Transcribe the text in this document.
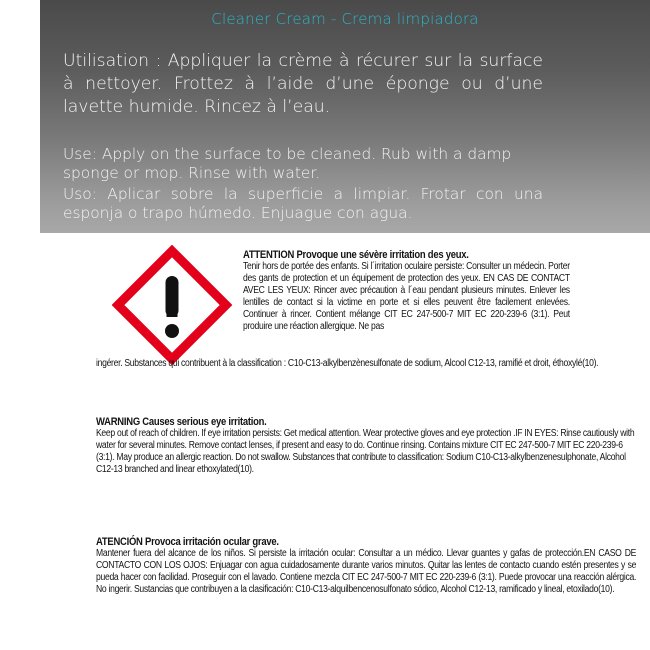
Cleaner Cream - Crema limpiadora
Utilisation : Appliquer la crème à récurer sur la surface à nettoyer. Frottez à l’aide d’une éponge ou d’une lavette humide. Rincez à l’eau.
Use: Apply on the surface to be cleaned. Rub with a damp sponge or mop. Rinse with water.
Uso: Aplicar sobre la superficie a limpiar. Frotar con una esponja o trapo húmedo. Enjuague con agua.
ATTENTION Provoque une sévère irritation des yeux.
Tenir hors de portée des enfants. Si l´irritation oculaire persiste: Consulter un médecin. Porter des gants de protection et un équipement de protection des yeux. EN CAS DE CONTACT AVEC LES YEUX: Rincer avec précaution à l´eau pendant plusieurs minutes. Enlever les lentilles de contact si la victime en porte et si elles peuvent être facilement enlevées. Continuer à rincer. Contient mélange CIT EC 247-500-7 MIT EC 220-239-6 (3:1). Peut produire une réaction allergique. Ne pas
ingérer. Substances qui contribuent à la classification : C10-C13-alkylbenzènesulfonate de sodium, Alcool C12-13, ramifié et droit, éthoxylé(10).
WARNING Causes serious eye irritation.
Keep out of reach of children. If eye irritation persists: Get medical attention. Wear protective gloves and eye protection .IF IN EYES: Rinse cautiously with water for several minutes. Remove contact lenses, if present and easy to do. Continue rinsing. Contains mixture CIT EC 247-500-7 MIT EC 220-239-6 (3:1). May produce an allergic reaction. Do not swallow. Substances that contribute to classification: Sodium C10-C13-alkylbenzenesulphonate, Alcohol C12-13 branched and linear ethoxylated(10).
ATENCIÓN Provoca irritación ocular grave.
Mantener fuera del alcance de los niños. Si persiste la irritación ocular: Consultar a un médico. Llevar guantes y gafas de protección.EN CASO DE CONTACTO CON LOS OJOS: Enjuagar con agua cuidadosamente durante varios minutos. Quitar las lentes de contacto cuando estén presentes y se pueda hacer con facilidad. Proseguir con el lavado. Contiene mezcla CIT EC 247-500-7 MIT EC 220-239-6 (3:1). Puede provocar una reacción alérgica. No ingerir. Sustancias que contribuyen a la clasificación: C10-C13-alquilbencenosulfonato sódico, Alcohol C12-13, ramificado y lineal, etoxilado(10).
